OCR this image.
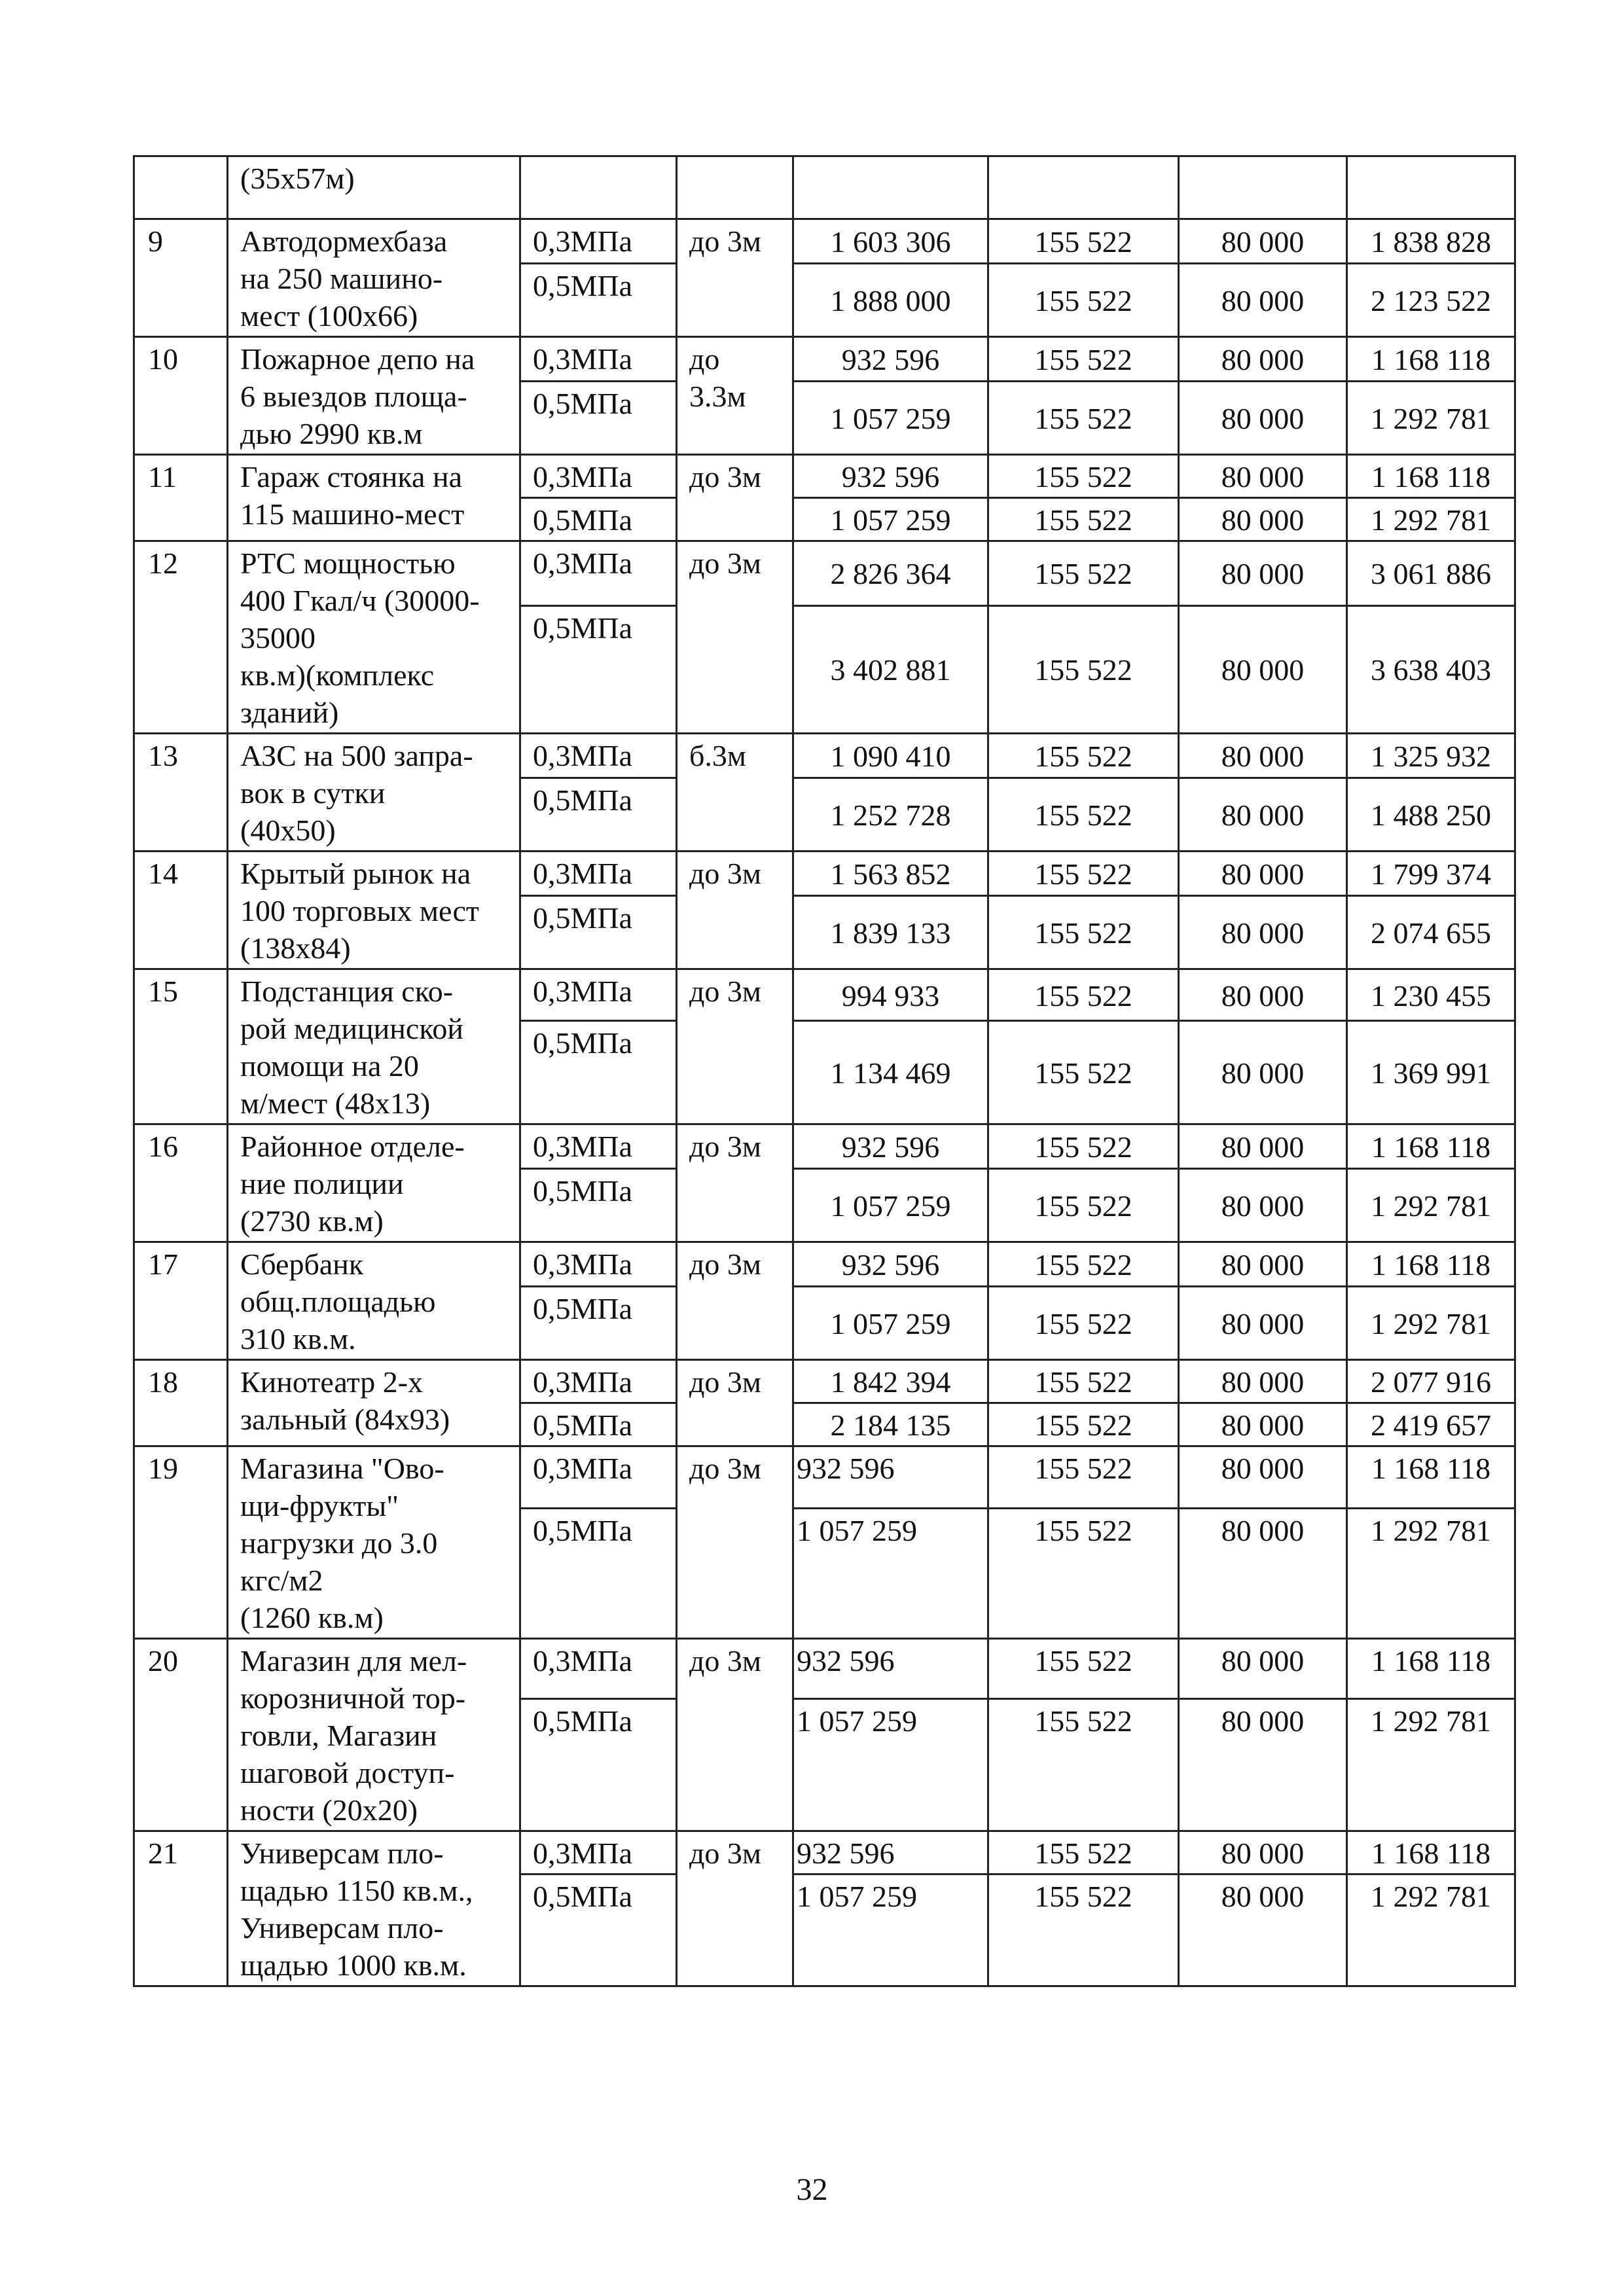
	(35x57м)						
9	Автодормехбаза
на 250 машино-
мест (100x66)	0,3МПа	до 3м	1 603 306	155 522	80 000	1 838 828
		0,5МПа		1 888 000	155 522	80 000	2 123 522
10	Пожарное депо на
6 выездов площа-
дью 2990 кв.м	0,3МПа	до
3.3м	932 596	155 522	80 000	1 168 118
		0,5МПа		1 057 259	155 522	80 000	1 292 781
11	Гараж стоянка на
115 машино-мест	0,3МПа	до 3м	932 596	155 522	80 000	1 168 118
		0,5МПа		1 057 259	155 522	80 000	1 292 781
12	РТС мощностью
400 Гкал/ч (30000-
35000
кв.м)(комплекс
зданий)	0,3МПа	до 3м	2 826 364	155 522	80 000	3 061 886
		0,5МПа		3 402 881	155 522	80 000	3 638 403
13	АЗС на 500 запра-
вок в сутки
(40x50)	0,3МПа	б.3м	1 090 410	155 522	80 000	1 325 932
		0,5МПа		1 252 728	155 522	80 000	1 488 250
14	Крытый рынок на
100 торговых мест
(138x84)	0,3МПа	до 3м	1 563 852	155 522	80 000	1 799 374
		0,5МПа		1 839 133	155 522	80 000	2 074 655
15	Подстанция ско-
рой медицинской
помощи на 20
м/мест (48x13)	0,3МПа	до 3м	994 933	155 522	80 000	1 230 455
		0,5МПа		1 134 469	155 522	80 000	1 369 991
16	Районное отделе-
ние полиции
(2730 кв.м)	0,3МПа	до 3м	932 596	155 522	80 000	1 168 118
		0,5МПа		1 057 259	155 522	80 000	1 292 781
17	Сбербанк
общ.площадью
310 кв.м.	0,3МПа	до 3м	932 596	155 522	80 000	1 168 118
		0,5МПа		1 057 259	155 522	80 000	1 292 781
18	Кинотеатр 2-х
зальный (84x93)	0,3МПа	до 3м	1 842 394	155 522	80 000	2 077 916
		0,5МПа		2 184 135	155 522	80 000	2 419 657
19	Магазина "Ово-
щи-фрукты"
нагрузки до 3.0
кгс/м2
(1260 кв.м)	0,3МПа	до 3м	932 596	155 522	80 000	1 168 118
		0,5МПа		1 057 259	155 522	80 000	1 292 781
20	Магазин для мел-
корозничной тор-
говли, Магазин
шаговой доступ-
ности (20x20)	0,3МПа	до 3м	932 596	155 522	80 000	1 168 118
		0,5МПа		1 057 259	155 522	80 000	1 292 781
21	Универсам пло-
щадью 1150 кв.м.,
Универсам пло-
щадью 1000 кв.м.	0,3МПа	до 3м	932 596	155 522	80 000	1 168 118
		0,5МПа		1 057 259	155 522	80 000	1 292 781
32
